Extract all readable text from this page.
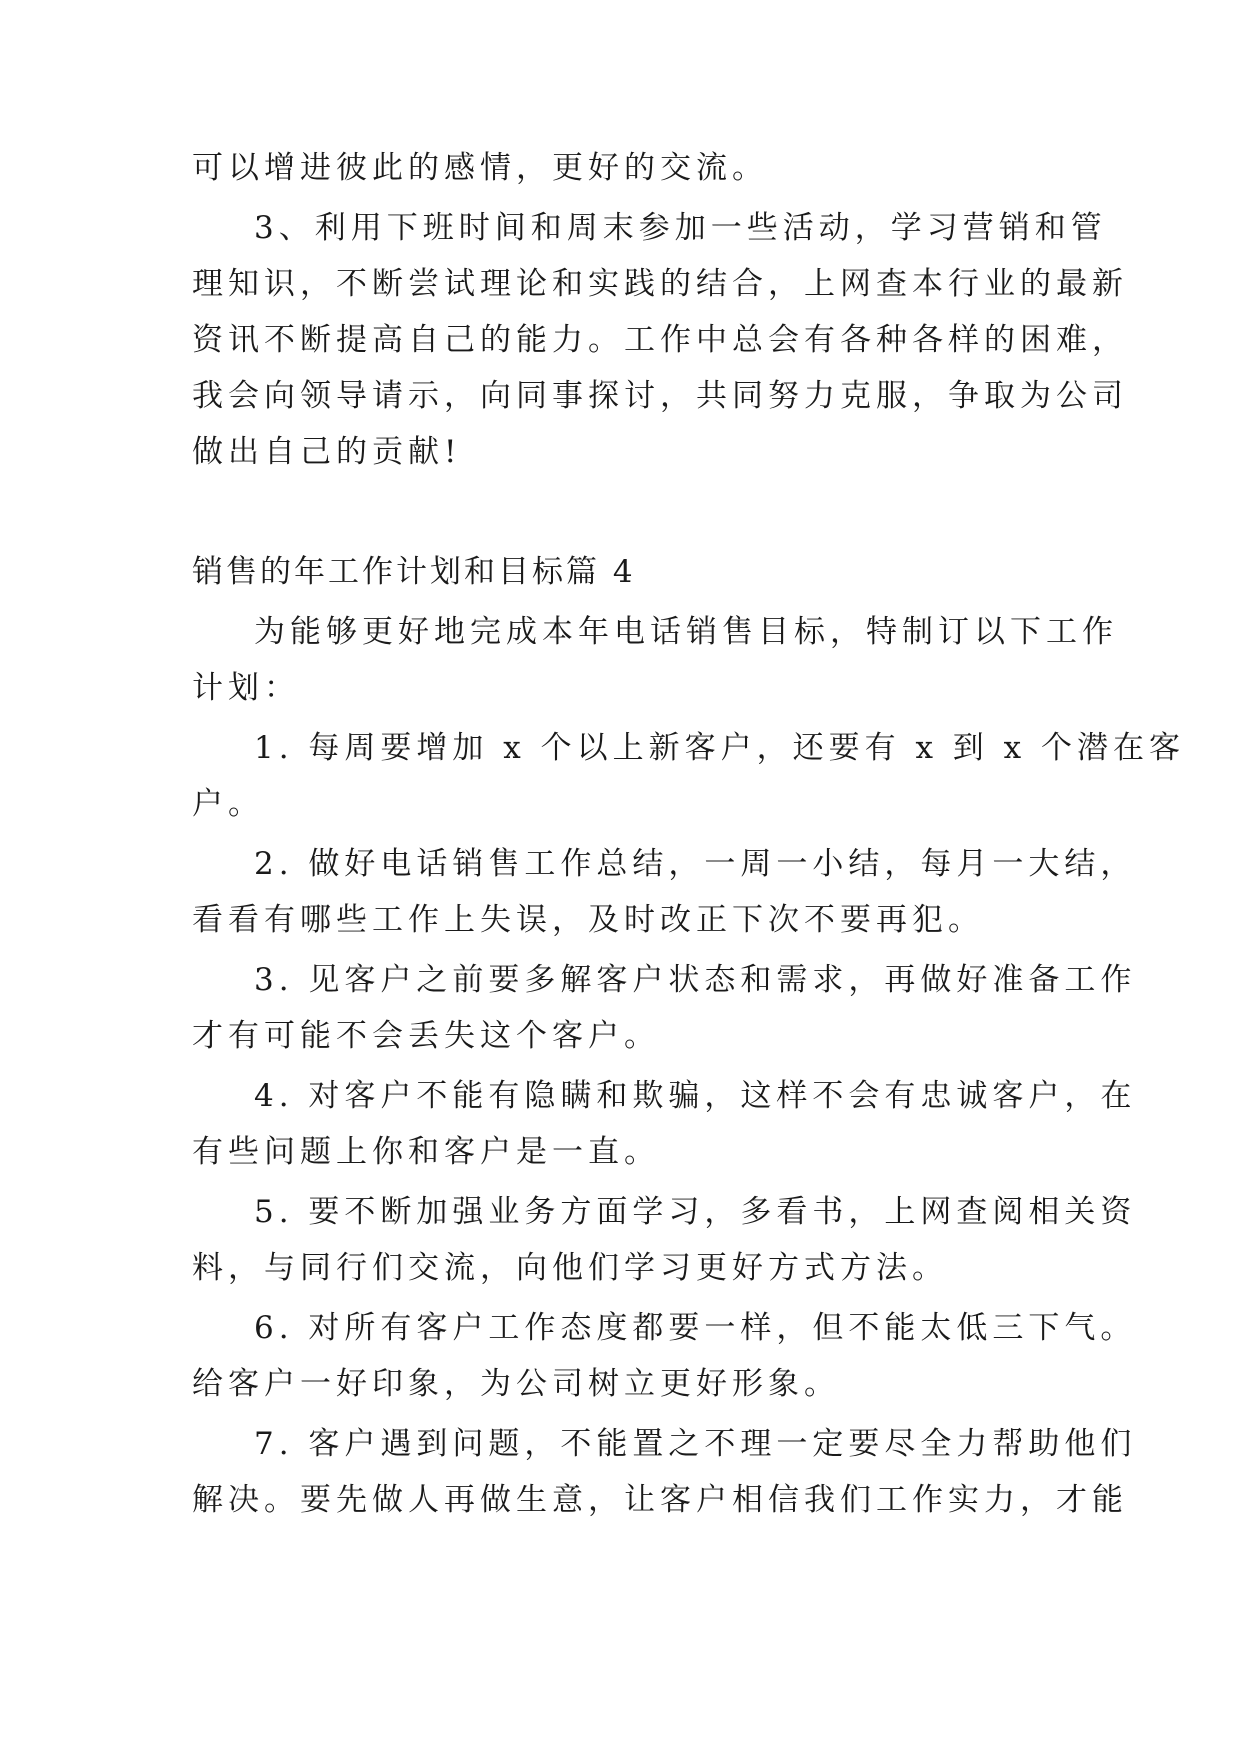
可以增进彼此的感情，更好的交流。
3、利用下班时间和周末参加一些活动，学习营销和管
理知识，不断尝试理论和实践的结合，上网查本行业的最新
资讯不断提高自己的能力。工作中总会有各种各样的困难，
我会向领导请示，向同事探讨，共同努力克服，争取为公司
做出自己的贡献!
销售的年工作计划和目标篇 4
为能够更好地完成本年电话销售目标，特制订以下工作
计划：
1. 每周要增加 x 个以上新客户，还要有 x 到 x 个潜在客
户。
2. 做好电话销售工作总结，一周一小结，每月一大结，
看看有哪些工作上失误，及时改正下次不要再犯。
3. 见客户之前要多解客户状态和需求，再做好准备工作
才有可能不会丢失这个客户。
4. 对客户不能有隐瞒和欺骗，这样不会有忠诚客户，在
有些问题上你和客户是一直。
5. 要不断加强业务方面学习，多看书，上网查阅相关资
料，与同行们交流，向他们学习更好方式方法。
6. 对所有客户工作态度都要一样，但不能太低三下气。
给客户一好印象，为公司树立更好形象。
7. 客户遇到问题，不能置之不理一定要尽全力帮助他们
解决。要先做人再做生意，让客户相信我们工作实力，才能
